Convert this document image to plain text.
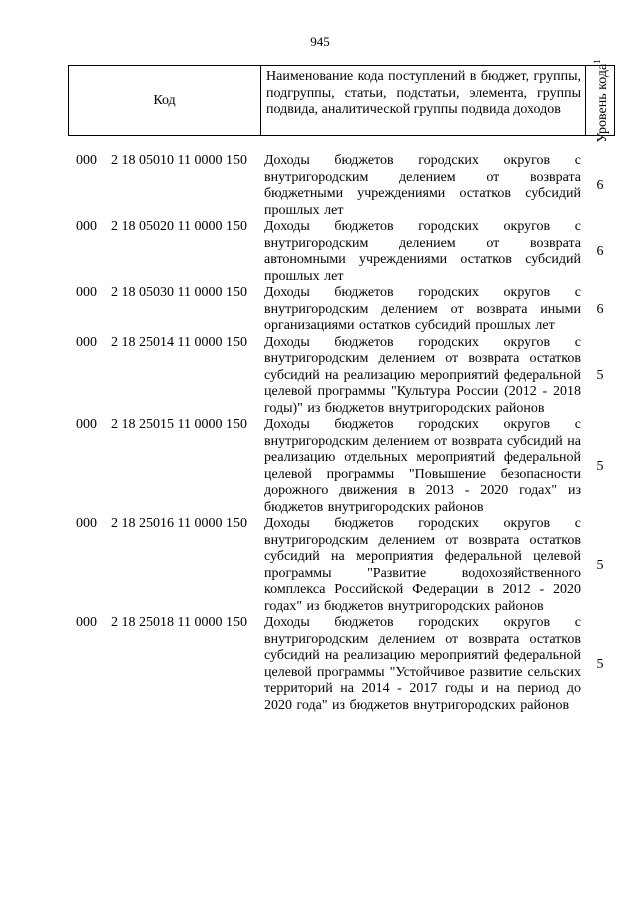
945
Код
Наименование кода поступлений в бюджет, группы, подгруппы, статьи, подстатьи, элемента, группы подвида, аналитической группы подвида доходов	Уровень кода$^1$
000 2 18 05010 11 0000 150 Доходы бюджетов городских округов с внутригородским делением от возврата бюджетными учреждениями остатков субсидий прошлых лет
6
000 2 18 05020 11 0000 150 Доходы бюджетов городских округов с внутригородским делением от возврата автономными учреждениями остатков субсидий прошлых лет
6
000 2 18 05030 11 0000 150 Доходы бюджетов городских округов с внутригородским делением от возврата иными организациями остатков субсидий прошлых лет
6
000 2 18 25014 11 0000 150 Доходы бюджетов городских округов с внутригородским делением от возврата остатков субсидий на реализацию мероприятий федеральной целевой программы "Культура России (2012 - 2018 годы)" из бюджетов внутригородских районов
5
000 2 18 25015 11 0000 150 Доходы бюджетов городских округов с внутригородским делением от возврата субсидий на реализацию отдельных мероприятий федеральной целевой программы "Повышение безопасности дорожного движения в 2013 - 2020 годах" из бюджетов внутригородских районов
5
000 2 18 25016 11 0000 150 Доходы бюджетов городских округов с внутригородским делением от возврата остатков субсидий на мероприятия федеральной целевой программы "Развитие водохозяйственного комплекса Российской Федерации в 2012 - 2020 годах" из бюджетов внутригородских районов
5
000 2 18 25018 11 0000 150 Доходы бюджетов городских округов с внутригородским делением от возврата остатков субсидий на реализацию мероприятий федеральной целевой программы "Устойчивое развитие сельских территорий на 2014 - 2017 годы и на период до 2020 года" из бюджетов внутригородских районов
5
